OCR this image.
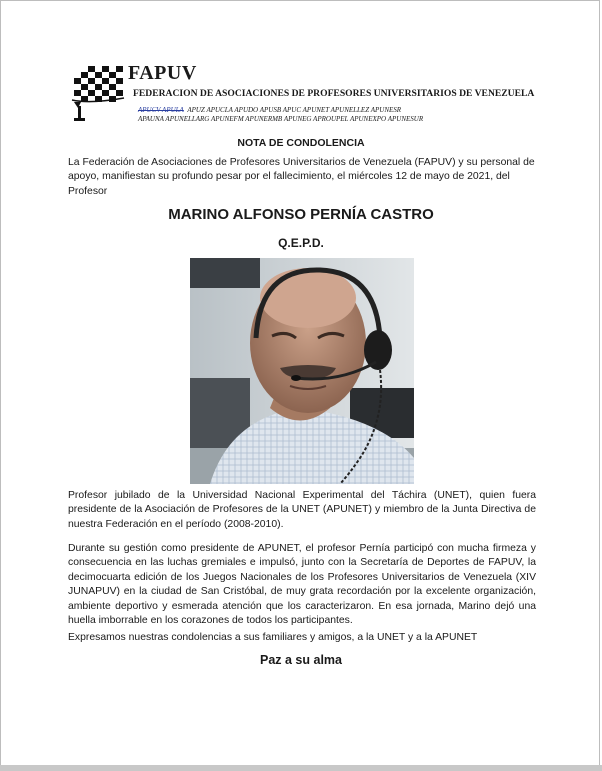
FAPUV
FEDERACION DE ASOCIACIONES DE PROFESORES UNIVERSITARIOS DE VENEZUELA
APUCV APULA APUZ APUCLA APUDO APUSB APUC APUNET APUNELLEZ APUNESR
APAUNA APUNELLARG APUNEFM APUNERMB APUNEG APROUPEL APUNEXPO APUNESUR
NOTA DE CONDOLENCIA
La Federación de Asociaciones de Profesores Universitarios de Venezuela (FAPUV) y su personal de apoyo, manifiestan su profundo pesar por el fallecimiento, el miércoles 12 de mayo de 2021, del Profesor
MARINO ALFONSO PERNÍA CASTRO
Q.E.P.D.
Profesor jubilado de la Universidad Nacional Experimental del Táchira (UNET), quien fuera presidente de la Asociación de Profesores de la UNET (APUNET) y miembro de la Junta Directiva de nuestra Federación en el período (2008-2010).
Durante su gestión como presidente de APUNET, el profesor Pernía participó con mucha firmeza y consecuencia en las luchas gremiales e impulsó, junto con la Secretaría de Deportes de FAPUV, la decimocuarta edición de los Juegos Nacionales de los Profesores Universitarios de Venezuela (XIV JUNAPUV) en la ciudad de San Cristóbal, de muy grata recordación por la excelente organización, ambiente deportivo y esmerada atención que los caracterizaron. En esa jornada, Marino dejó una huella imborrable en los corazones de todos los participantes.
Expresamos nuestras condolencias a sus familiares y amigos, a la UNET y a la APUNET
Paz a su alma
